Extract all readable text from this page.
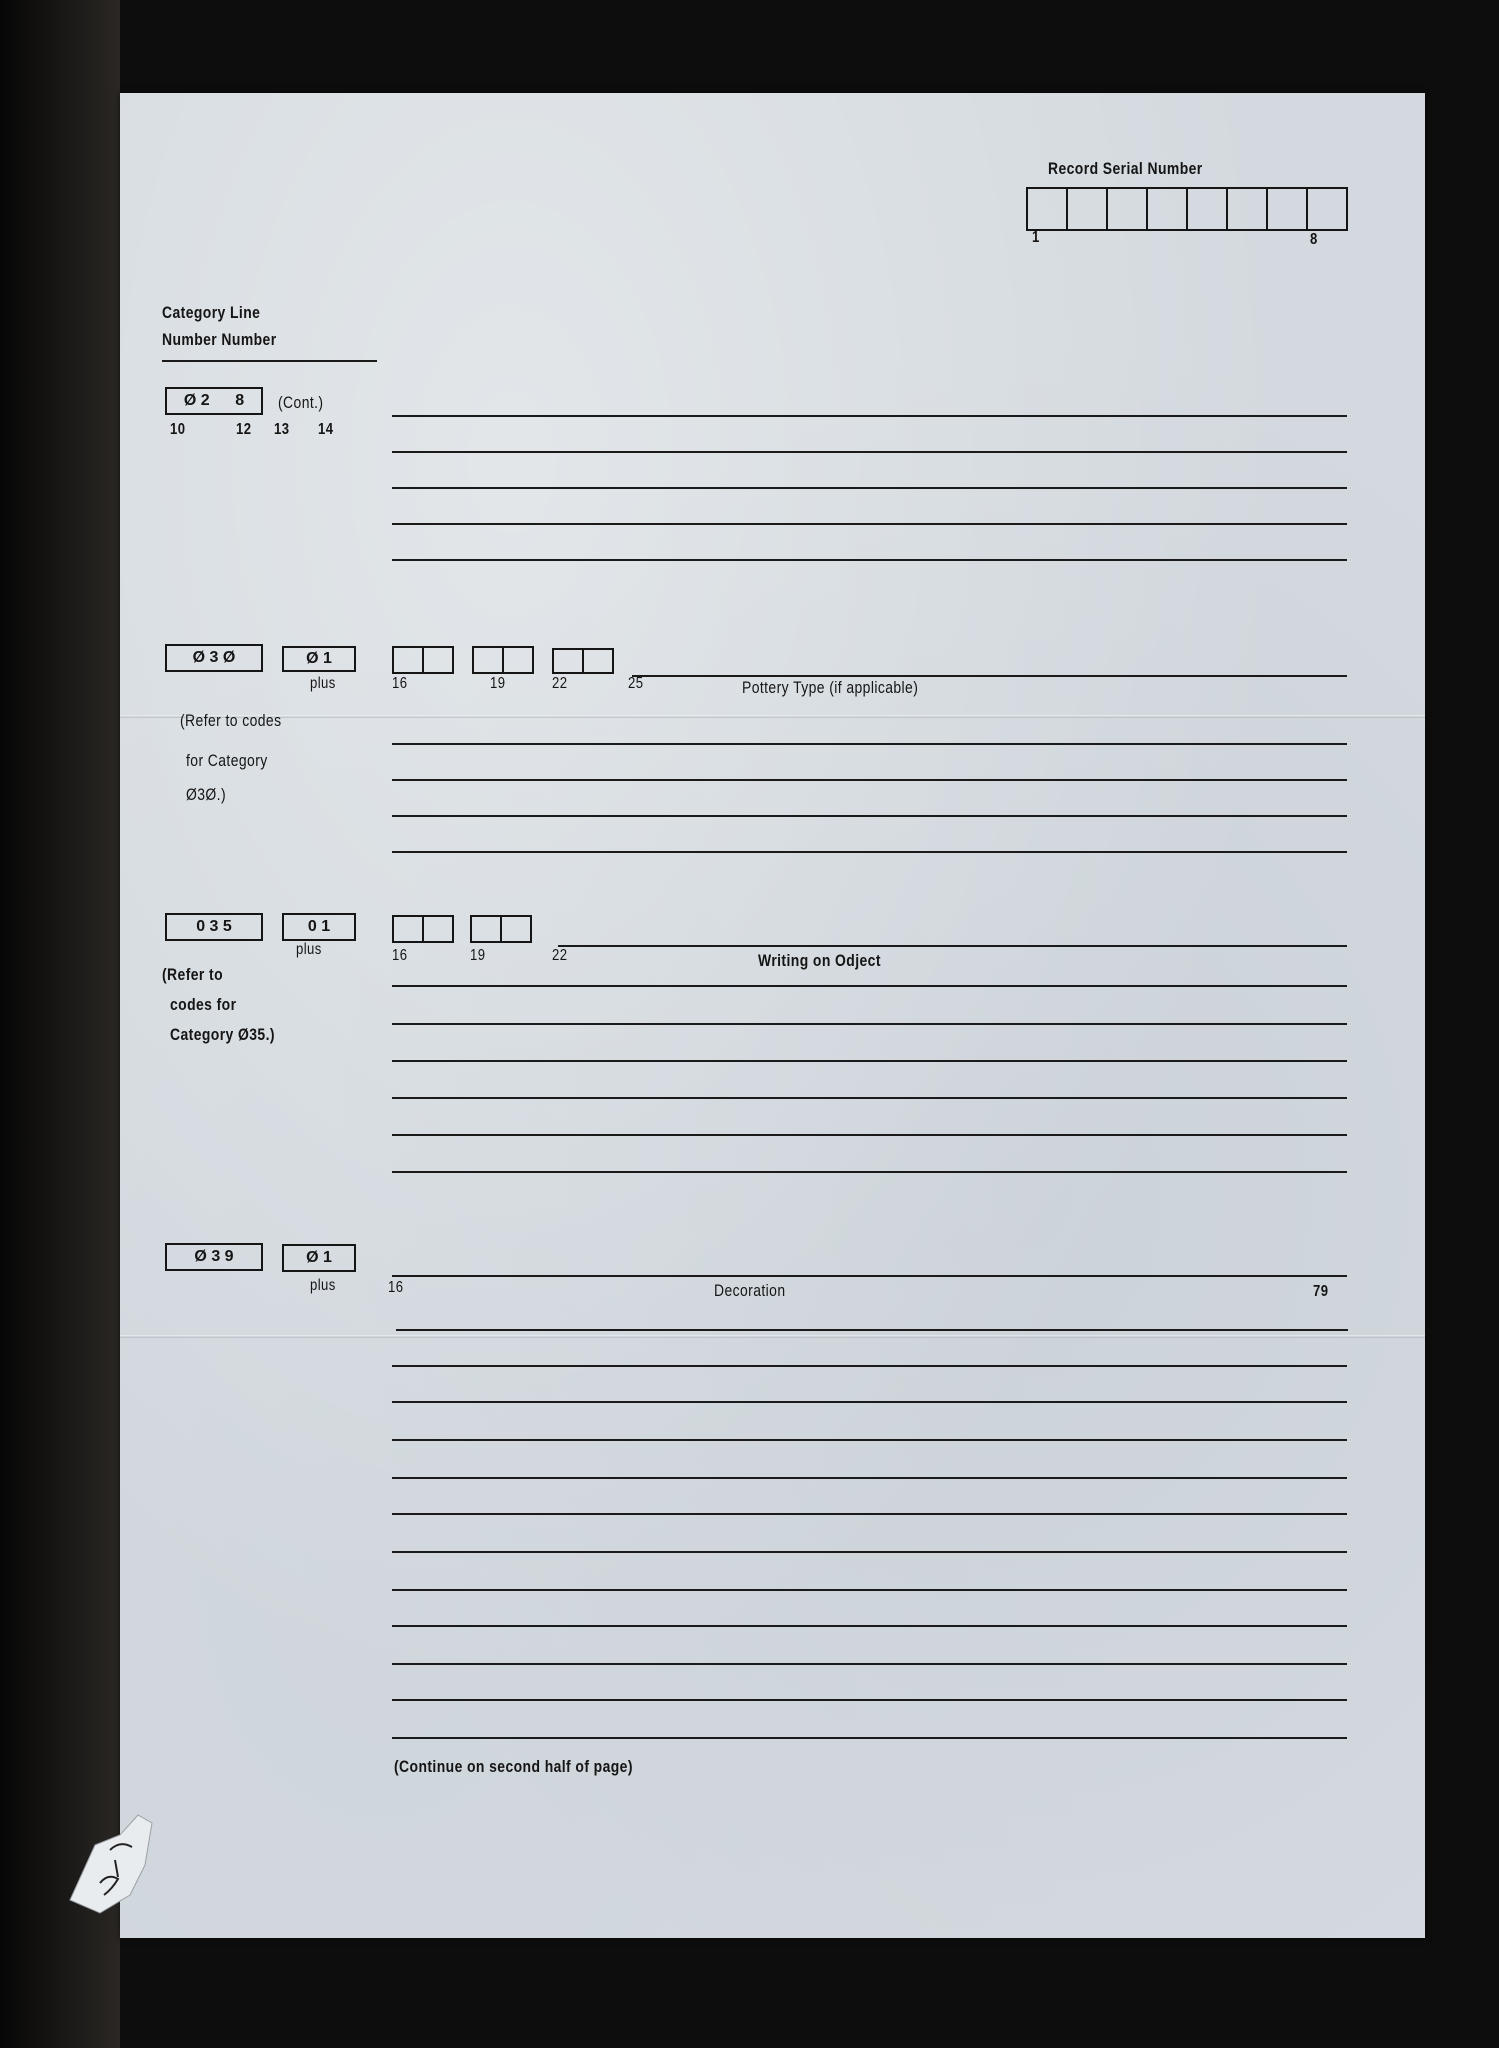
Record Serial Number
1	8
Category Line
Number Number
Ø 2 8 (Cont.)
10	12 13 14
Ø 3 Ø	Ø 1
plus	16	19	22	25	Pottery Type (if applicable)
(Refer to codes
for Category
Ø3Ø.)
0 3 5	0 1
plus	16	19	22	Writing on Odject
(Refer to
codes for
Category Ø35.)
Ø 3 9	Ø 1
plus	16	Decoration	79
(Continue on second half of page)
